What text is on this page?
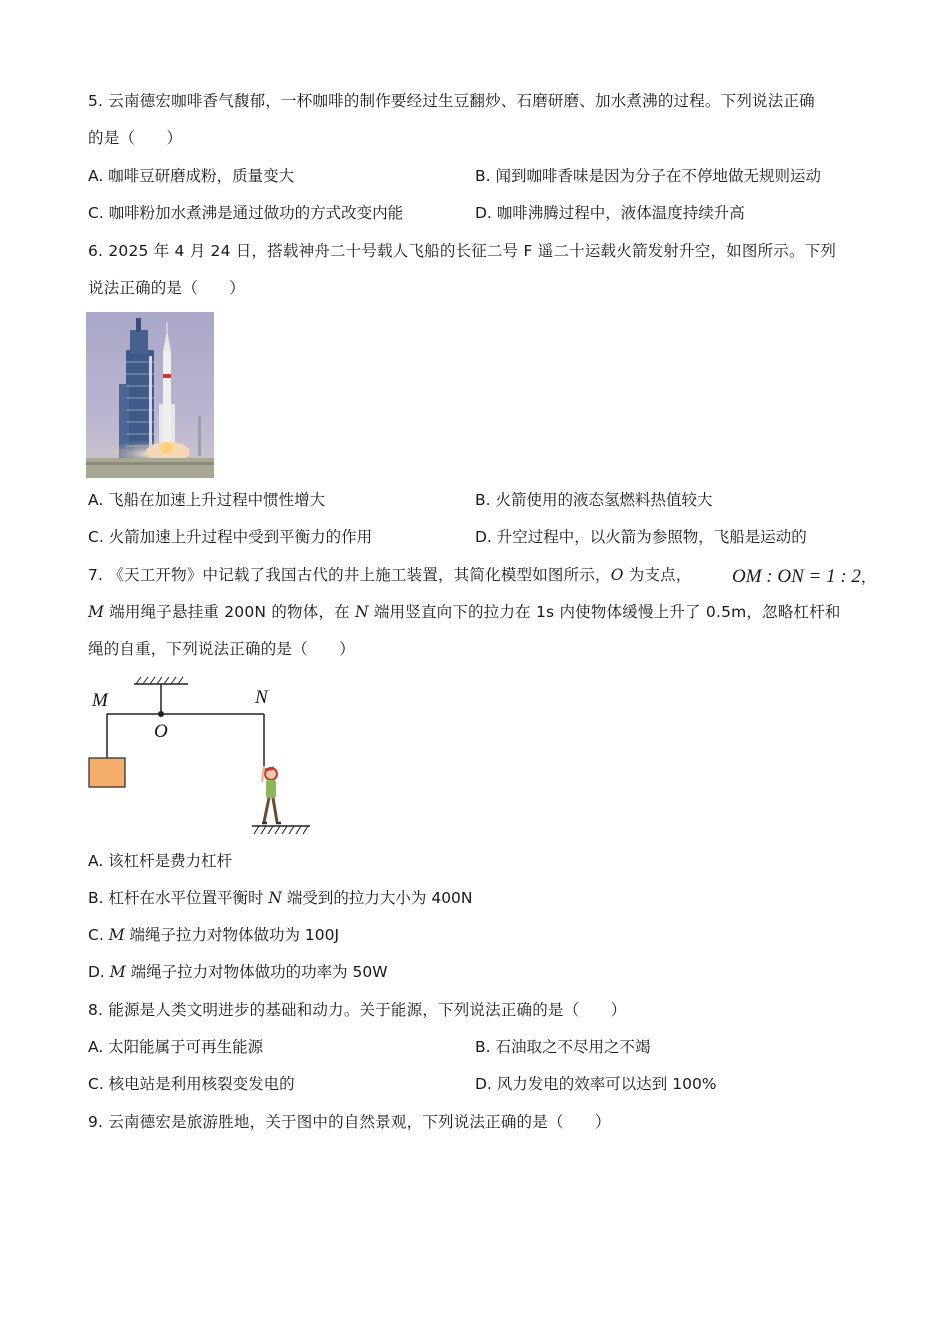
5. 云南德宏咖啡香气馥郁，一杯咖啡的制作要经过生豆翻炒、石磨研磨、加水煮沸的过程。下列说法正确
的是（　　）
A. 咖啡豆研磨成粉，质量变大	B. 闻到咖啡香味是因为分子在不停地做无规则运动
C. 咖啡粉加水煮沸是通过做功的方式改变内能	D. 咖啡沸腾过程中，液体温度持续升高
6. 2025 年 4 月 24 日，搭载神舟二十号载人飞船的长征二号 F 遥二十运载火箭发射升空，如图所示。下列
说法正确的是（　　）
A. 飞船在加速上升过程中惯性增大	B. 火箭使用的液态氢燃料热值较大
C. 火箭加速上升过程中受到平衡力的作用	D. 升空过程中，以火箭为参照物，飞船是运动的
7. 《天工开物》中记载了我国古代的井上施工装置，其简化模型如图所示，O 为支点， OM : ON = 1 : 2，
M 端用绳子悬挂重 200N 的物体，在 N 端用竖直向下的拉力在 1s 内使物体缓慢上升了 0.5m，忽略杠杆和
绳的自重，下列说法正确的是（　　）
M
O
N
A. 该杠杆是费力杠杆
B. 杠杆在水平位置平衡时 N 端受到的拉力大小为 400N
C. M 端绳子拉力对物体做功为 100J
D. M 端绳子拉力对物体做功的功率为 50W
8. 能源是人类文明进步的基础和动力。关于能源，下列说法正确的是（　　）
A. 太阳能属于可再生能源	B. 石油取之不尽用之不竭
C. 核电站是利用核裂变发电的	D. 风力发电的效率可以达到 100%
9. 云南德宏是旅游胜地，关于图中的自然景观，下列说法正确的是（　　）
